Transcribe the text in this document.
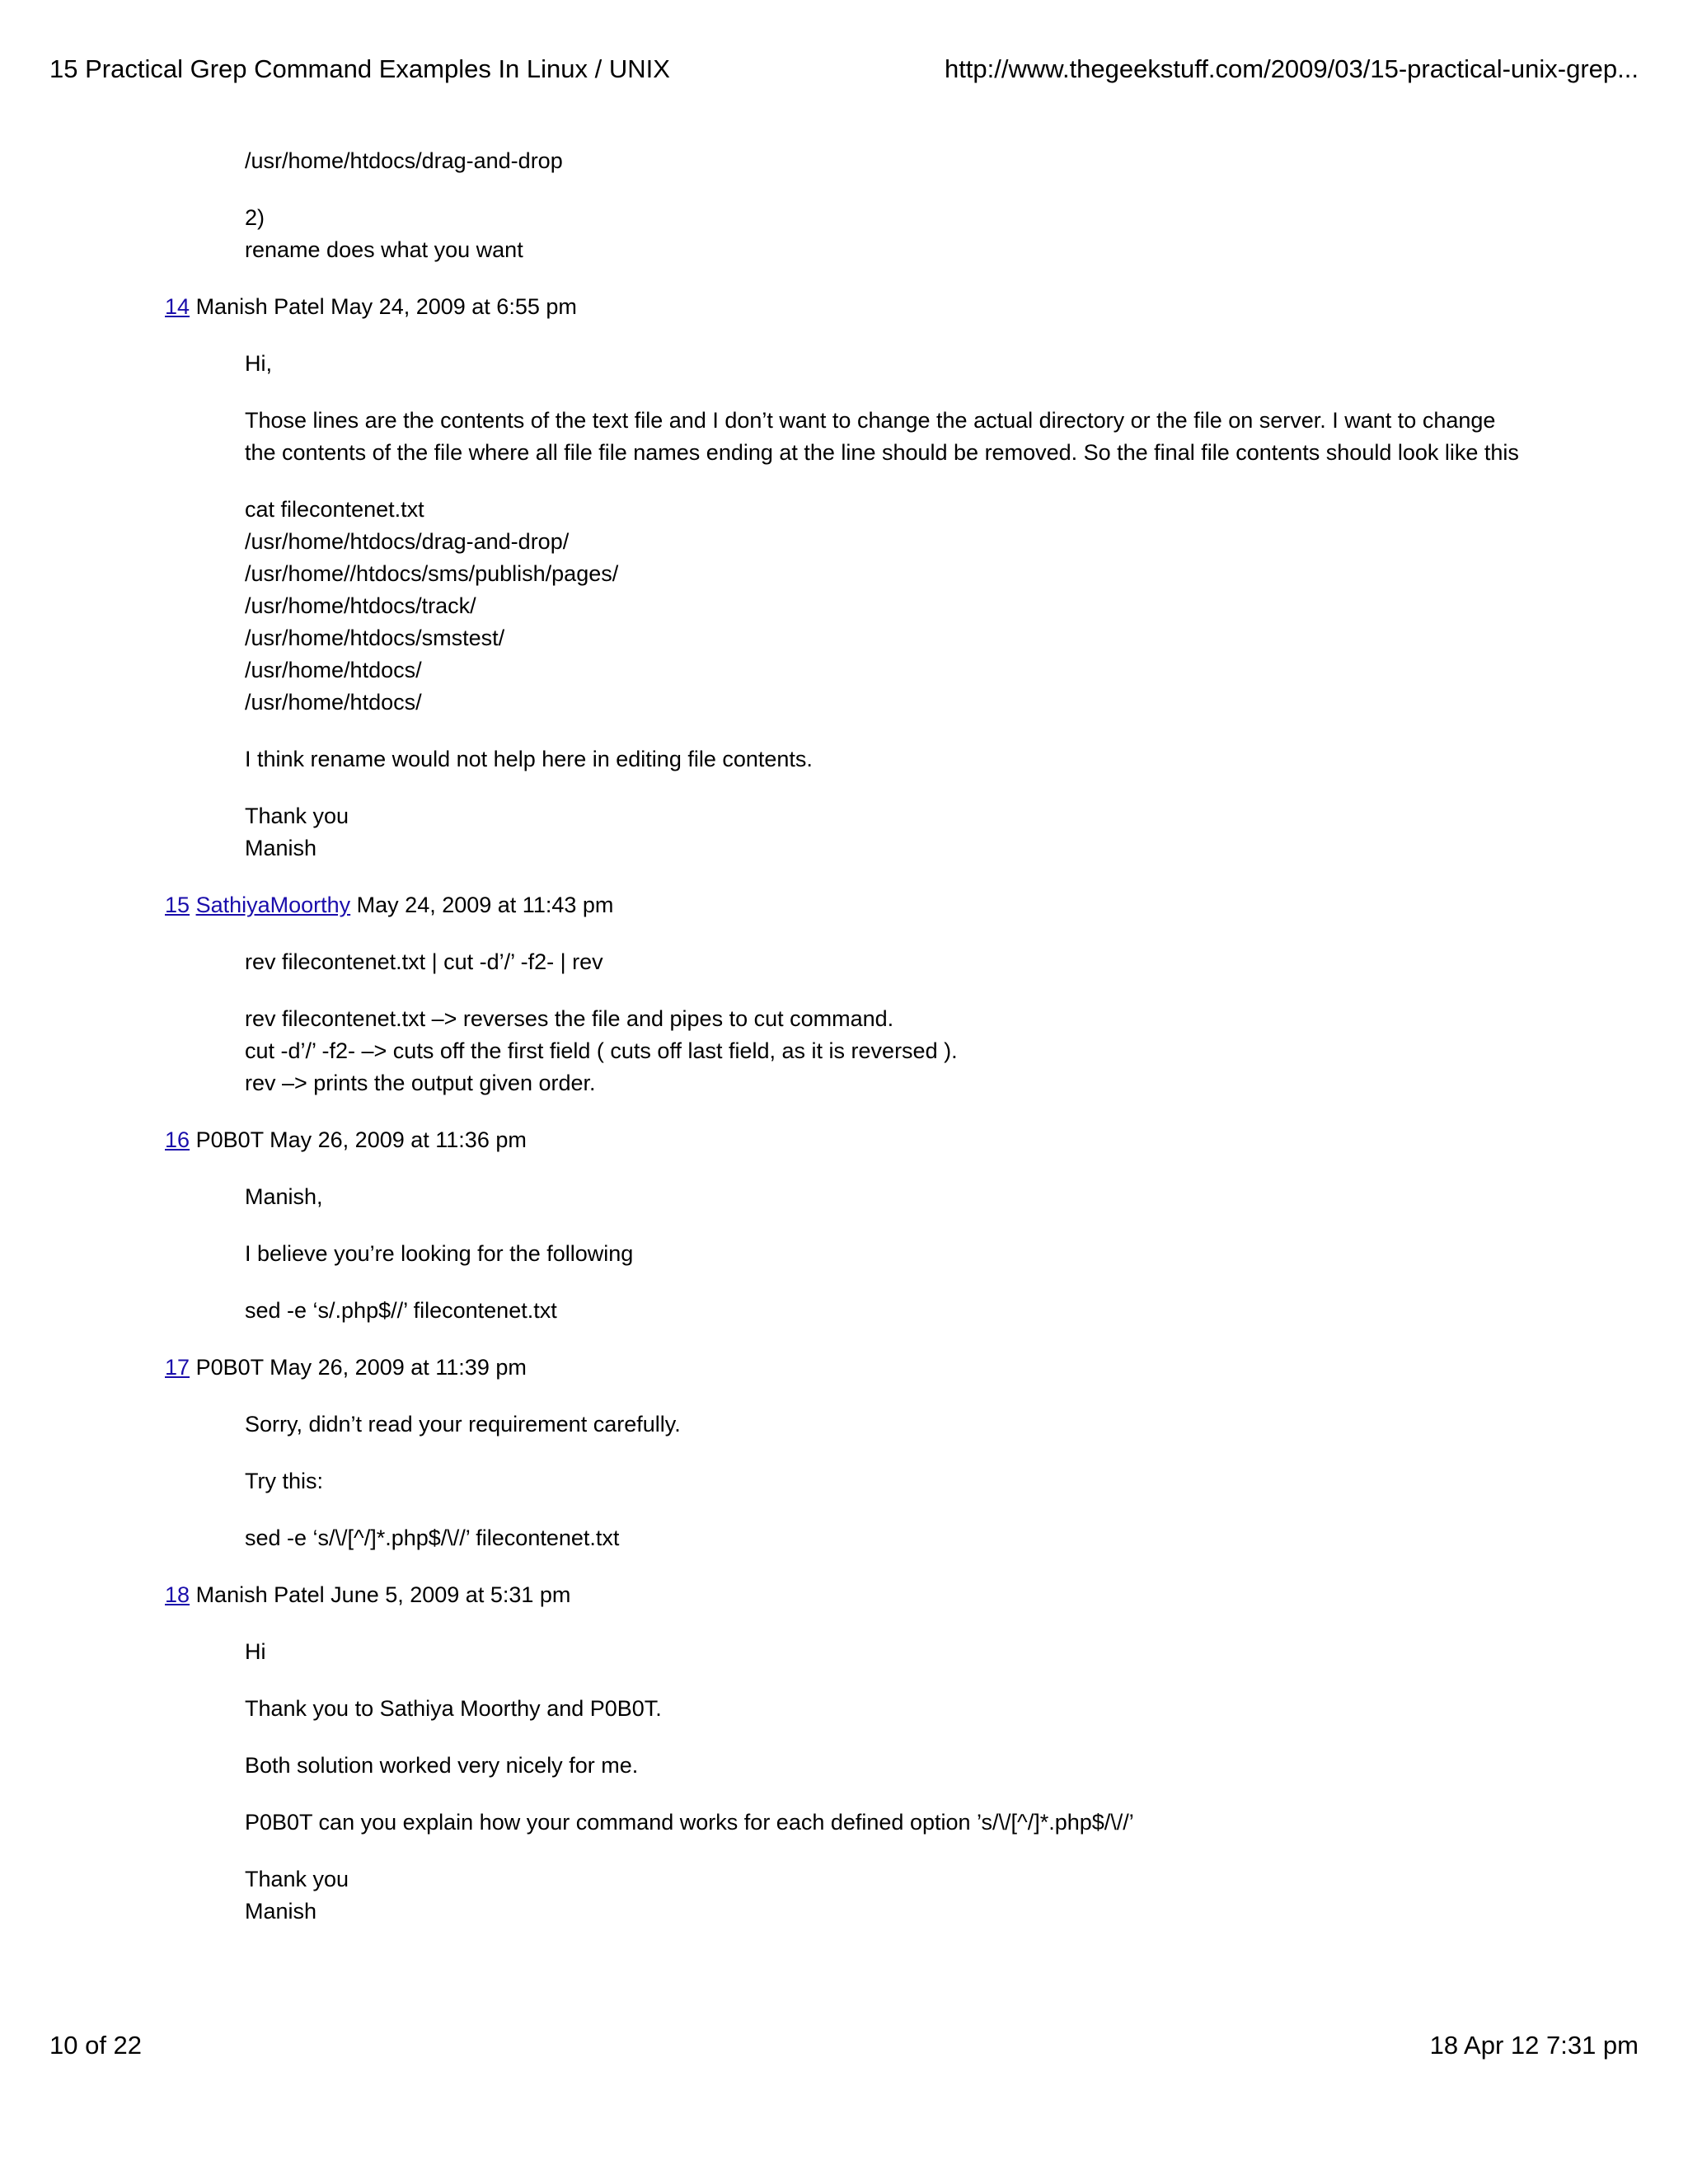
15 Practical Grep Command Examples In Linux / UNIX	http://www.thegeekstuff.com/2009/03/15-practical-unix-grep...
/usr/home/htdocs/drag-and-drop
2)
rename does what you want
14 Manish Patel May 24, 2009 at 6:55 pm
Hi,
Those lines are the contents of the text file and I don’t want to change the actual directory or the file on server. I want to change the contents of the file where all file file names ending at the line should be removed. So the final file contents should look like this
cat filecontenet.txt
/usr/home/htdocs/drag-and-drop/
/usr/home//htdocs/sms/publish/pages/
/usr/home/htdocs/track/
/usr/home/htdocs/smstest/
/usr/home/htdocs/
/usr/home/htdocs/
I think rename would not help here in editing file contents.
Thank you
Manish
15 SathiyaMoorthy May 24, 2009 at 11:43 pm
rev filecontenet.txt | cut -d’/’ -f2- | rev
rev filecontenet.txt –> reverses the file and pipes to cut command.
cut -d’/’ -f2- –> cuts off the first field ( cuts off last field, as it is reversed ).
rev –> prints the output given order.
16 P0B0T May 26, 2009 at 11:36 pm
Manish,
I believe you’re looking for the following
sed -e ‘s/.php$//’ filecontenet.txt
17 P0B0T May 26, 2009 at 11:39 pm
Sorry, didn’t read your requirement carefully.
Try this:
sed -e ‘s/\/[^/]*.php$/\//’ filecontenet.txt
18 Manish Patel June 5, 2009 at 5:31 pm
Hi
Thank you to Sathiya Moorthy and P0B0T.
Both solution worked very nicely for me.
P0B0T can you explain how your command works for each defined option ’s/\/[^/]*.php$/\//’
Thank you
Manish
10 of 22	18 Apr 12 7:31 pm
